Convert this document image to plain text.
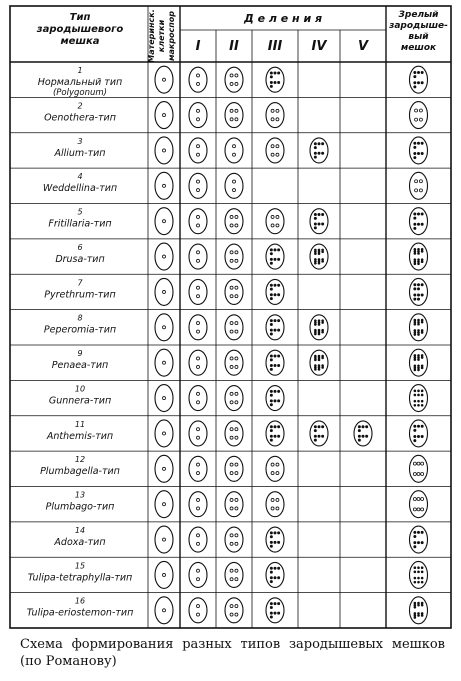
Тип
зародышевого
мешка	Материнск. клетки макроспор	Д е л е н и я
I II III IV V
Зрелый
зародыше-
вый
мешок
1
Нормальный тип
(Polygonum)
2
Oenothera-тип
3
Allium-тип
4
Weddellina-тип
5
Fritillaria-тип
6
Drusa-тип
7
Pyrethrum-тип
8
Peperomia-тип
9
Penaea-тип
10
Gunnera-тип
11
Anthemis-тип
12
Plumbagella-тип
13
Plumbago-тип
14
Adoxa-тип
15
Tulipa-tetraphylla-тип
16
Tulipa-eriostemon-тип
Схема формирования разных типов зародышевых мешков (по Романову)
